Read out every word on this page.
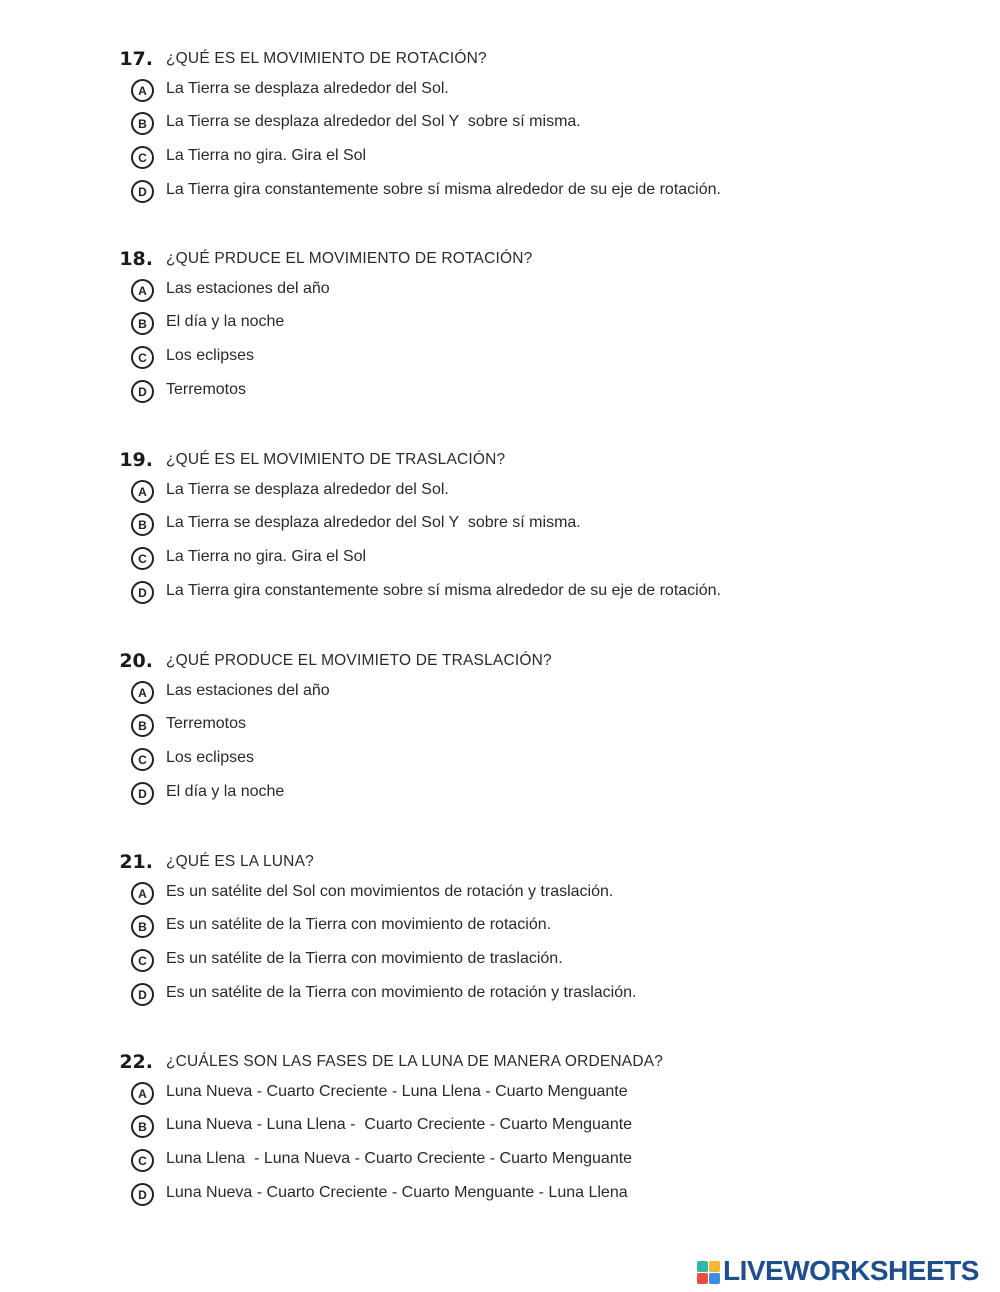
17. ¿QUÉ ES EL MOVIMIENTO DE ROTACIÓN?
A	La Tierra se desplaza alrededor del Sol.
B	La Tierra se desplaza alrededor del Sol Y  sobre sí misma.
C	La Tierra no gira. Gira el Sol
D	La Tierra gira constantemente sobre sí misma alrededor de su eje de rotación.
18. ¿QUÉ PRDUCE EL MOVIMIENTO DE ROTACIÓN?
A	Las estaciones del año
B	El día y la noche
C	Los eclipses
D	Terremotos
19. ¿QUÉ ES EL MOVIMIENTO DE TRASLACIÓN?
A	La Tierra se desplaza alrededor del Sol.
B	La Tierra se desplaza alrededor del Sol Y  sobre sí misma.
C	La Tierra no gira. Gira el Sol
D	La Tierra gira constantemente sobre sí misma alrededor de su eje de rotación.
20. ¿QUÉ PRODUCE EL MOVIMIETO DE TRASLACIÓN?
A	Las estaciones del año
B	Terremotos
C	Los eclipses
D	El día y la noche
21. ¿QUÉ ES LA LUNA?
A	Es un satélite del Sol con movimientos de rotación y traslación.
B	Es un satélite de la Tierra con movimiento de rotación.
C	Es un satélite de la Tierra con movimiento de traslación.
D	Es un satélite de la Tierra con movimiento de rotación y traslación.
22. ¿CUÁLES SON LAS FASES DE LA LUNA DE MANERA ORDENADA?
A	Luna Nueva - Cuarto Creciente - Luna Llena - Cuarto Menguante
B	Luna Nueva - Luna Llena -  Cuarto Creciente - Cuarto Menguante
C	Luna Llena  - Luna Nueva - Cuarto Creciente - Cuarto Menguante
D	Luna Nueva - Cuarto Creciente - Cuarto Menguante - Luna Llena
LIVEWORKSHEETS
